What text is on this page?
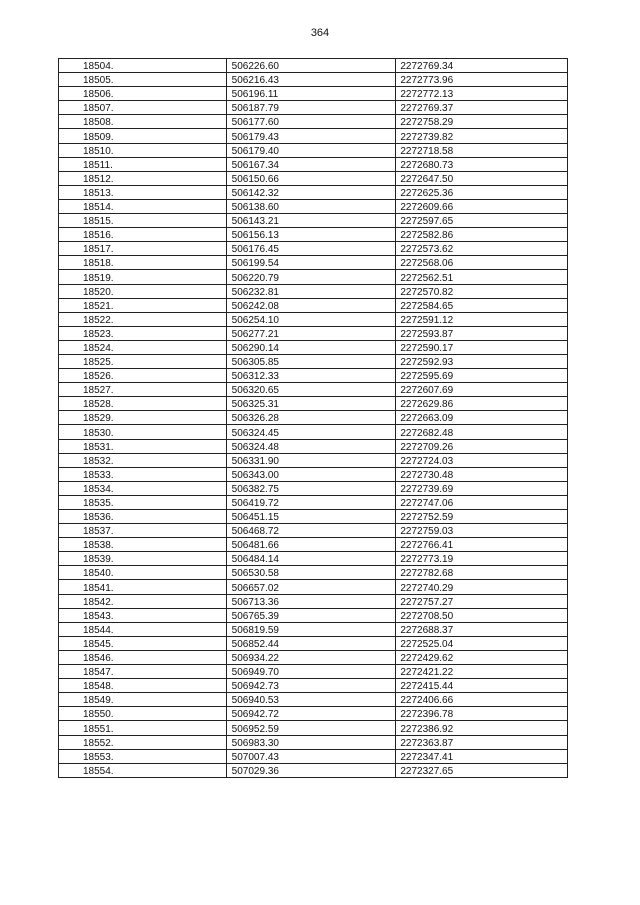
364
18504.	506226.60	2272769.34
18505.	506216.43	2272773.96
18506.	506196.11	2272772.13
18507.	506187.79	2272769.37
18508.	506177.60	2272758.29
18509.	506179.43	2272739.82
18510.	506179.40	2272718.58
18511.	506167.34	2272680.73
18512.	506150.66	2272647.50
18513.	506142.32	2272625.36
18514.	506138.60	2272609.66
18515.	506143.21	2272597.65
18516.	506156.13	2272582.86
18517.	506176.45	2272573.62
18518.	506199.54	2272568.06
18519.	506220.79	2272562.51
18520.	506232.81	2272570.82
18521.	506242.08	2272584.65
18522.	506254.10	2272591.12
18523.	506277.21	2272593.87
18524.	506290.14	2272590.17
18525.	506305.85	2272592.93
18526.	506312.33	2272595.69
18527.	506320.65	2272607.69
18528.	506325.31	2272629.86
18529.	506326.28	2272663.09
18530.	506324.45	2272682.48
18531.	506324.48	2272709.26
18532.	506331.90	2272724.03
18533.	506343.00	2272730.48
18534.	506382.75	2272739.69
18535.	506419.72	2272747.06
18536.	506451.15	2272752.59
18537.	506468.72	2272759.03
18538.	506481.66	2272766.41
18539.	506484.14	2272773.19
18540.	506530.58	2272782.68
18541.	506657.02	2272740.29
18542.	506713.36	2272757.27
18543.	506765.39	2272708.50
18544.	506819.59	2272688.37
18545.	506852.44	2272525.04
18546.	506934.22	2272429.62
18547.	506949.70	2272421.22
18548.	506942.73	2272415.44
18549.	506940.53	2272406.66
18550.	506942.72	2272396.78
18551.	506952.59	2272386.92
18552.	506983.30	2272363.87
18553.	507007.43	2272347.41
18554.	507029.36	2272327.65
